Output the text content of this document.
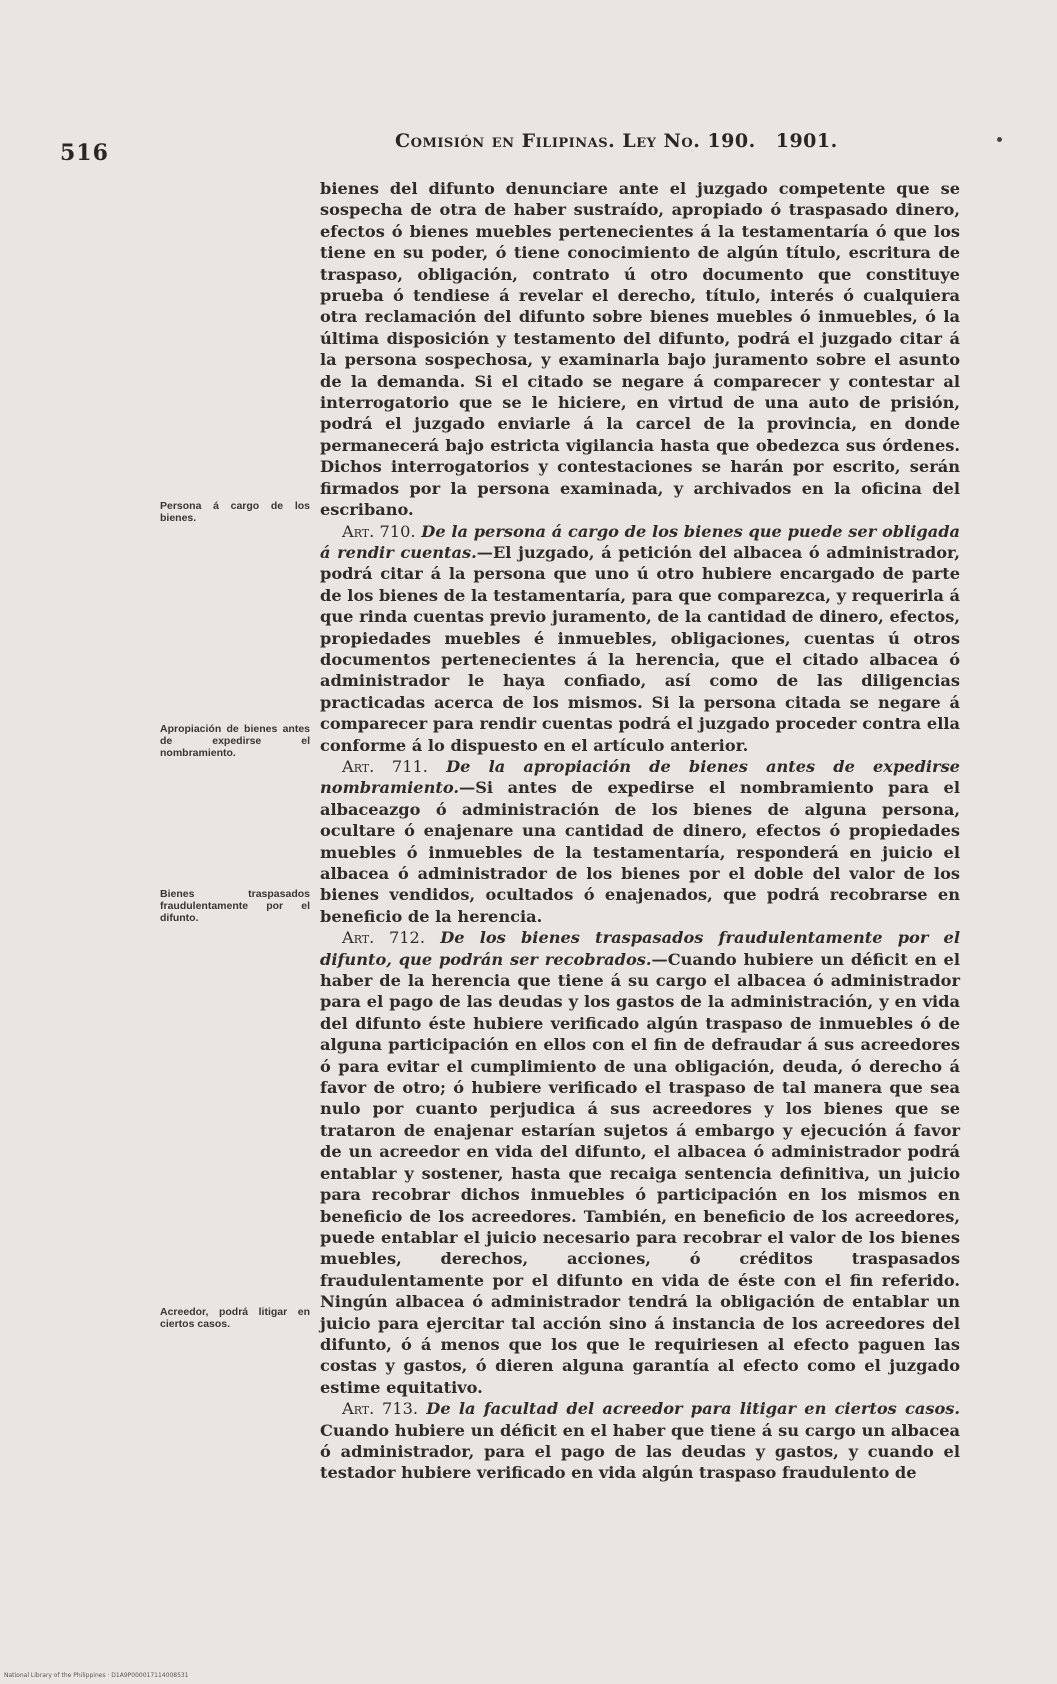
516	Comisión en Filipinas. Ley No. 190. 1901.
Persona á cargo de los bienes.
Apropiación de bienes antes de expedirse el nombramiento.
Bienes traspasados fraudulentamente por el difunto.
Acreedor, podrá litigar en ciertos casos.

bienes del difunto denunciare ante el juzgado competente que se sospecha de otra de haber sustraído, apropiado ó traspasado dinero, efectos ó bienes muebles pertenecientes á la testamentaría ó que los tiene en su poder, ó tiene conocimiento de algún título, escritura de traspaso, obligación, contrato ú otro documento que constituye prueba ó tendiese á revelar el derecho, título, interés ó cualquiera otra reclamación del difunto sobre bienes muebles ó inmuebles, ó la última disposición y testamento del difunto, podrá el juzgado citar á la persona sospechosa, y examinarla bajo juramento sobre el asunto de la demanda. Si el citado se negare á comparecer y contestar al interrogatorio que se le hiciere, en virtud de una auto de prisión, podrá el juzgado enviarle á la carcel de la provincia, en donde permanecerá bajo estricta vigilancia hasta que obedezca sus órdenes. Dichos interrogatorios y contestaciones se harán por escrito, serán firmados por la persona examinada, y archivados en la oficina del escribano.

Art. 710. De la persona á cargo de los bienes que puede ser obligada á rendir cuentas.—El juzgado, á petición del albacea ó administrador, podrá citar á la persona que uno ú otro hubiere encargado de parte de los bienes de la testamentaría, para que comparezca, y requerirla á que rinda cuentas previo juramento, de la cantidad de dinero, efectos, propiedades muebles é inmuebles, obligaciones, cuentas ú otros documentos pertenecientes á la herencia, que el citado albacea ó administrador le haya confiado, así como de las diligencias practicadas acerca de los mismos. Si la persona citada se negare á comparecer para rendir cuentas podrá el juzgado proceder contra ella conforme á lo dispuesto en el artículo anterior.

Art. 711. De la apropiación de bienes antes de expedirse nombramiento.—Si antes de expedirse el nombramiento para el albaceazgo ó administración de los bienes de alguna persona, ocultare ó enajenare una cantidad de dinero, efectos ó propiedades muebles ó inmuebles de la testamentaría, responderá en juicio el albacea ó administrador de los bienes por el doble del valor de los bienes vendidos, ocultados ó enajenados, que podrá recobrarse en beneficio de la herencia.

Art. 712. De los bienes traspasados fraudulentamente por el difunto, que podrán ser recobrados.—Cuando hubiere un déficit en el haber de la herencia que tiene á su cargo el albacea ó administrador para el pago de las deudas y los gastos de la administración, y en vida del difunto éste hubiere verificado algún traspaso de inmuebles ó de alguna participación en ellos con el fin de defraudar á sus acreedores ó para evitar el cumplimiento de una obligación, deuda, ó derecho á favor de otro; ó hubiere verificado el traspaso de tal manera que sea nulo por cuanto perjudica á sus acreedores y los bienes que se trataron de enajenar estarían sujetos á embargo y ejecución á favor de un acreedor en vida del difunto, el albacea ó administrador podrá entablar y sostener, hasta que recaiga sentencia definitiva, un juicio para recobrar dichos inmuebles ó participación en los mismos en beneficio de los acreedores. También, en beneficio de los acreedores, puede entablar el juicio necesario para recobrar el valor de los bienes muebles, derechos, acciones, ó créditos traspasados fraudulentamente por el difunto en vida de éste con el fin referido. Ningún albacea ó administrador tendrá la obligación de entablar un juicio para ejercitar tal acción sino á instancia de los acreedores del difunto, ó á menos que los que le requiriesen al efecto paguen las costas y gastos, ó dieren alguna garantía al efecto como el juzgado estime equitativo.

Art. 713. De la facultad del acreedor para litigar en ciertos casos. Cuando hubiere un déficit en el haber que tiene á su cargo un albacea ó administrador, para el pago de las deudas y gastos, y cuando el testador hubiere verificado en vida algún traspaso fraudulento de

National Library of the Philippines · D1A9P000017114008531
